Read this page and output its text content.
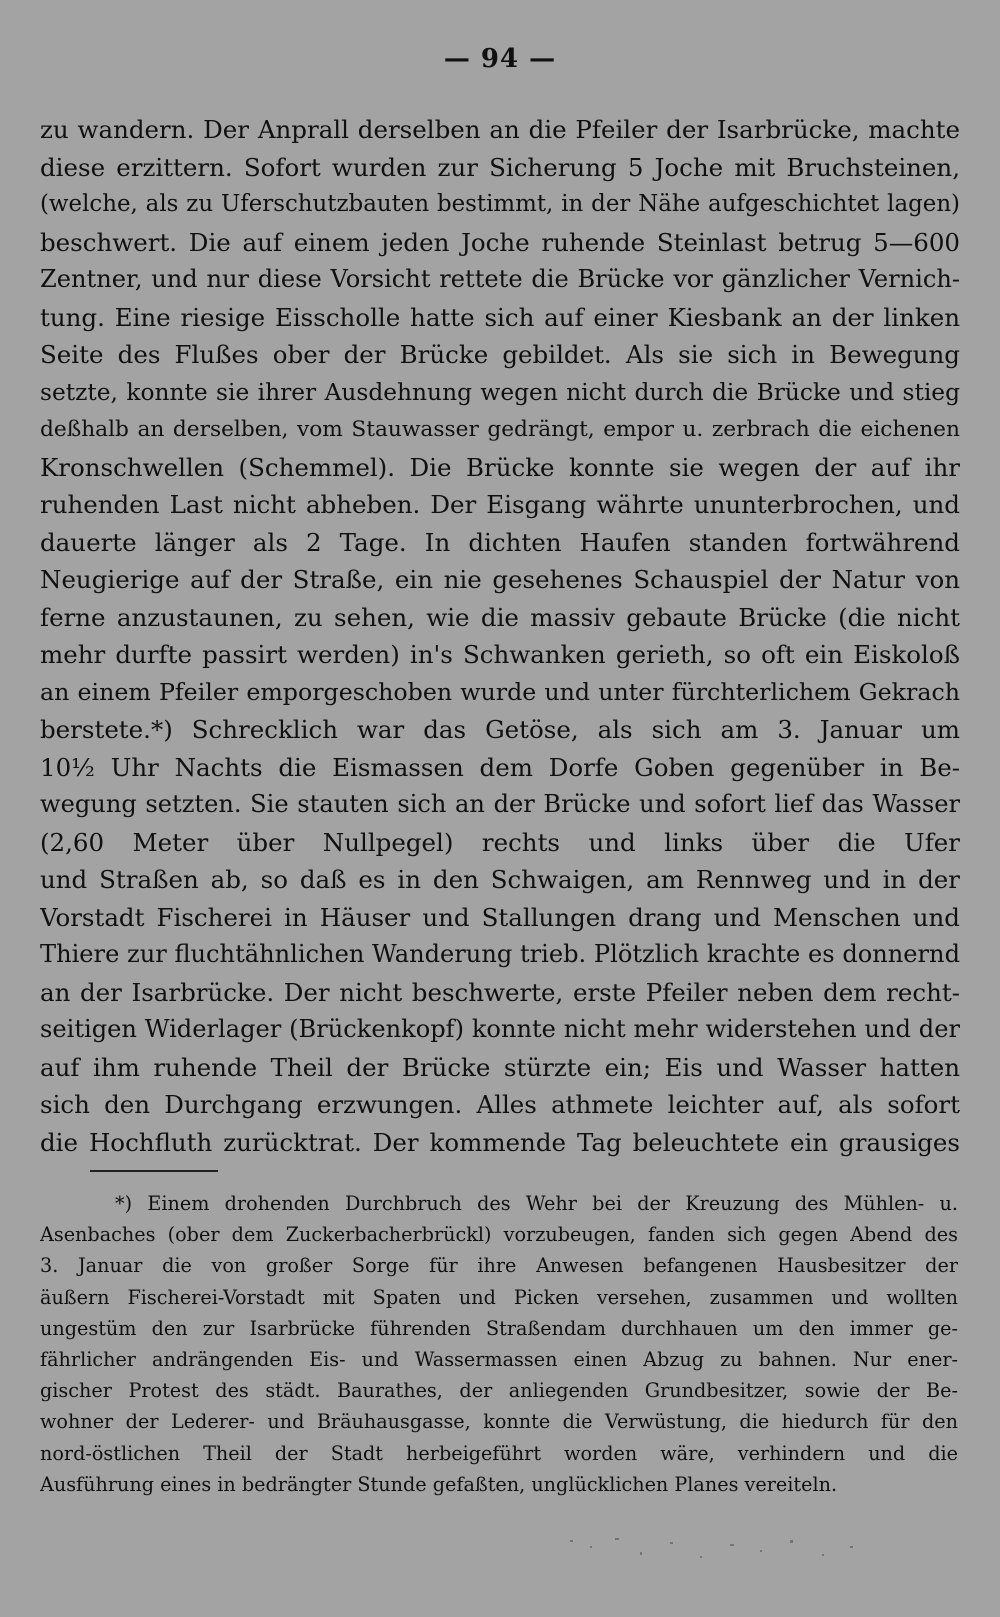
— 94 —
zu wandern. Der Anprall derselben an die Pfeiler der Isarbrücke, machte
diese erzittern. Sofort wurden zur Sicherung 5 Joche mit Bruchsteinen,
(welche, als zu Uferschutzbauten bestimmt, in der Nähe aufgeschichtet lagen)
beschwert. Die auf einem jeden Joche ruhende Steinlast betrug 5—600
Zentner, und nur diese Vorsicht rettete die Brücke vor gänzlicher Vernich-
tung. Eine riesige Eisscholle hatte sich auf einer Kiesbank an der linken
Seite des Flußes ober der Brücke gebildet. Als sie sich in Bewegung
setzte, konnte sie ihrer Ausdehnung wegen nicht durch die Brücke und stieg
deßhalb an derselben, vom Stauwasser gedrängt, empor u. zerbrach die eichenen
Kronschwellen (Schemmel). Die Brücke konnte sie wegen der auf ihr
ruhenden Last nicht abheben. Der Eisgang währte ununterbrochen, und
dauerte länger als 2 Tage. In dichten Haufen standen fortwährend
Neugierige auf der Straße, ein nie gesehenes Schauspiel der Natur von
ferne anzustaunen, zu sehen, wie die massiv gebaute Brücke (die nicht
mehr durfte passirt werden) in's Schwanken gerieth, so oft ein Eiskoloß
an einem Pfeiler emporgeschoben wurde und unter fürchterlichem Gekrach
berstete.*) Schrecklich war das Getöse, als sich am 3. Januar um
10½ Uhr Nachts die Eismassen dem Dorfe Goben gegenüber in Be-
wegung setzten. Sie stauten sich an der Brücke und sofort lief das Wasser
(2,60 Meter über Nullpegel) rechts und links über die Ufer
und Straßen ab, so daß es in den Schwaigen, am Rennweg und in der
Vorstadt Fischerei in Häuser und Stallungen drang und Menschen und
Thiere zur fluchtähnlichen Wanderung trieb. Plötzlich krachte es donnernd
an der Isarbrücke. Der nicht beschwerte, erste Pfeiler neben dem recht-
seitigen Widerlager (Brückenkopf) konnte nicht mehr widerstehen und der
auf ihm ruhende Theil der Brücke stürzte ein; Eis und Wasser hatten
sich den Durchgang erzwungen. Alles athmete leichter auf, als sofort
die Hochfluth zurücktrat. Der kommende Tag beleuchtete ein grausiges
*) Einem drohenden Durchbruch des Wehr bei der Kreuzung des Mühlen- u.
Asenbaches (ober dem Zuckerbacherbrückl) vorzubeugen, fanden sich gegen Abend des
3. Januar die von großer Sorge für ihre Anwesen befangenen Hausbesitzer der
äußern Fischerei-Vorstadt mit Spaten und Picken versehen, zusammen und wollten
ungestüm den zur Isarbrücke führenden Straßendam durchhauen um den immer ge-
fährlicher andrängenden Eis- und Wassermassen einen Abzug zu bahnen. Nur ener-
gischer Protest des städt. Baurathes, der anliegenden Grundbesitzer, sowie der Be-
wohner der Lederer- und Bräuhausgasse, konnte die Verwüstung, die hiedurch für den
nord-östlichen Theil der Stadt herbeigeführt worden wäre, verhindern und die
Ausführung eines in bedrängter Stunde gefaßten, unglücklichen Planes vereiteln.
